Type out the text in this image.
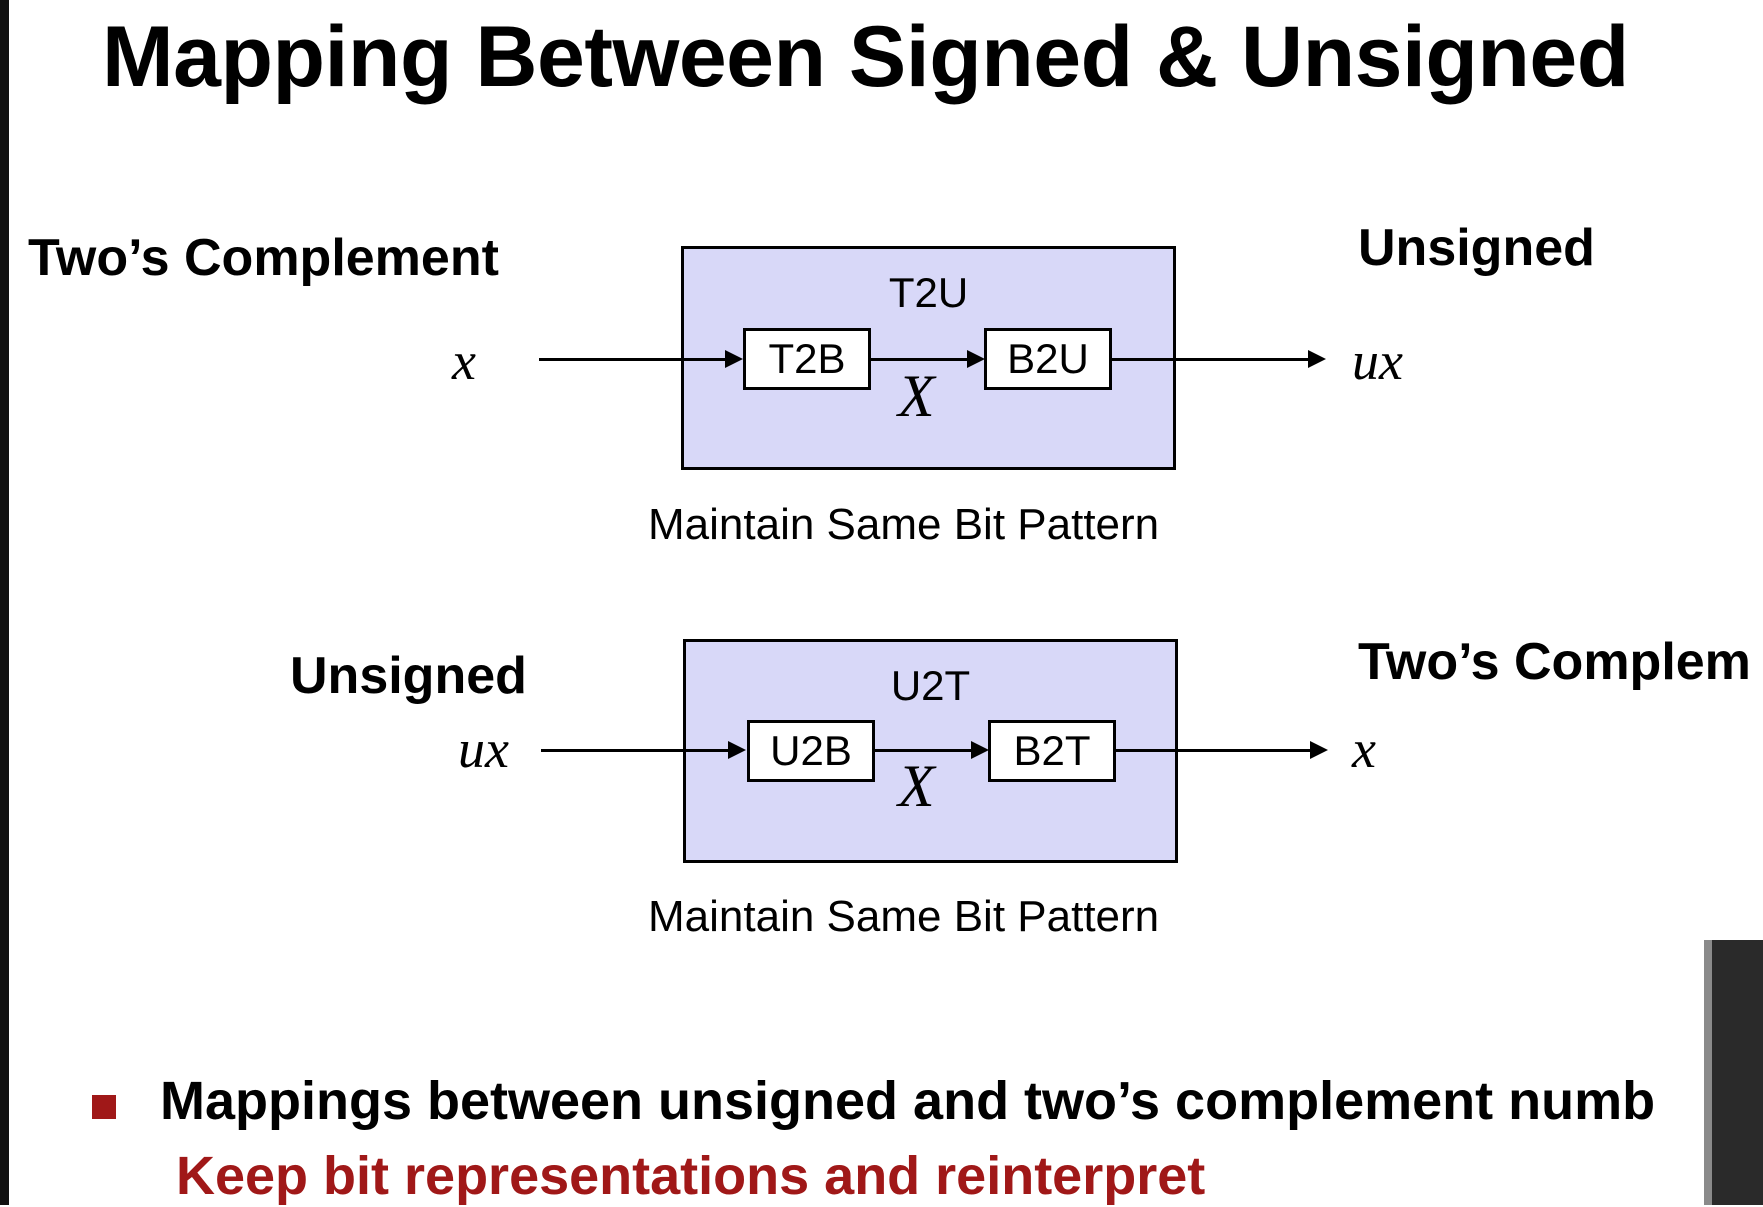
Mapping Between Signed & Unsigned
Two’s Complement	Unsigned
x
T2U
T2B
X
B2U	ux
Maintain Same Bit Pattern
Unsigned	Two’s Complem
ux
U2T
U2B
X
B2T	x
Maintain Same Bit Pattern
Mappings between unsigned and two’s complement numb
Keep bit representations and reinterpret
